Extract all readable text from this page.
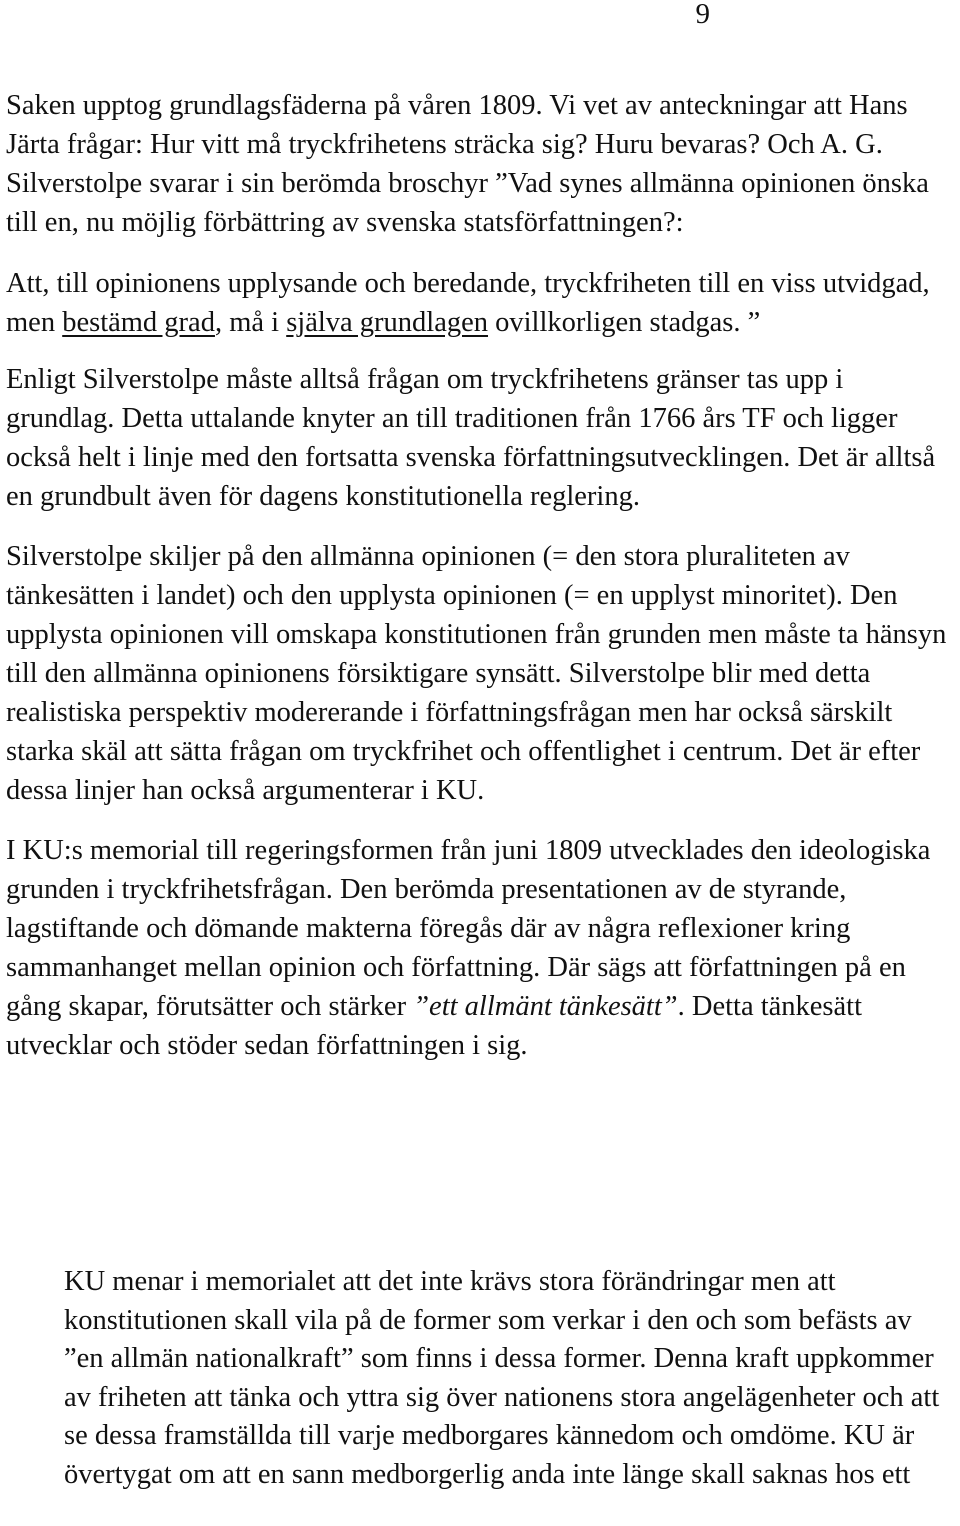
9

Saken upptog grundlagsfäderna på våren 1809. Vi vet av anteckningar att Hans Järta frågar: Hur vitt må tryckfrihetens sträcka sig? Huru bevaras? Och A. G. Silverstolpe svarar i sin berömda broschyr ”Vad synes allmänna opinionen önska till en, nu möjlig förbättring av svenska statsförfattningen?:

Att, till opinionens upplysande och beredande, tryckfriheten till en viss utvidgad, men bestämd grad, må i själva grundlagen ovillkorligen stadgas. ”

Enligt Silverstolpe måste alltså frågan om tryckfrihetens gränser tas upp i grundlag. Detta uttalande knyter an till traditionen från 1766 års TF och ligger också helt i linje med den fortsatta svenska författningsutvecklingen. Det är alltså en grundbult även för dagens konstitutionella reglering.

Silverstolpe skiljer på den allmänna opinionen (= den stora pluraliteten av tänkesätten i landet) och den upplysta opinionen (= en upplyst minoritet). Den upplysta opinionen vill omskapa konstitutionen från grunden men måste ta hänsyn till den allmänna opinionens försiktigare synsätt. Silverstolpe blir med detta realistiska perspektiv modererande i författningsfrågan men har också särskilt starka skäl att sätta frågan om tryckfrihet och offentlighet i centrum. Det är efter dessa linjer han också argumenterar i KU.

I KU:s memorial till regeringsformen från juni 1809 utvecklades den ideologiska grunden i tryckfrihetsfrågan. Den berömda presentationen av de styrande, lagstiftande och dömande makterna föregås där av några reflexioner kring sammanhanget mellan opinion och författning. Där sägs att författningen på en gång skapar, förutsätter och stärker ”ett allmänt tänkesätt”. Detta tänkesätt utvecklar och stöder sedan författningen i sig.

KU menar i memorialet att det inte krävs stora förändringar men att konstitutionen skall vila på de former som verkar i den och som befästs av ”en allmän nationalkraft” som finns i dessa former. Denna kraft uppkommer av friheten att tänka och yttra sig över nationens stora angelägenheter och att se dessa framställda till varje medborgares kännedom och omdöme. KU är övertygat om att en sann medborgerlig anda inte länge skall saknas hos ett
